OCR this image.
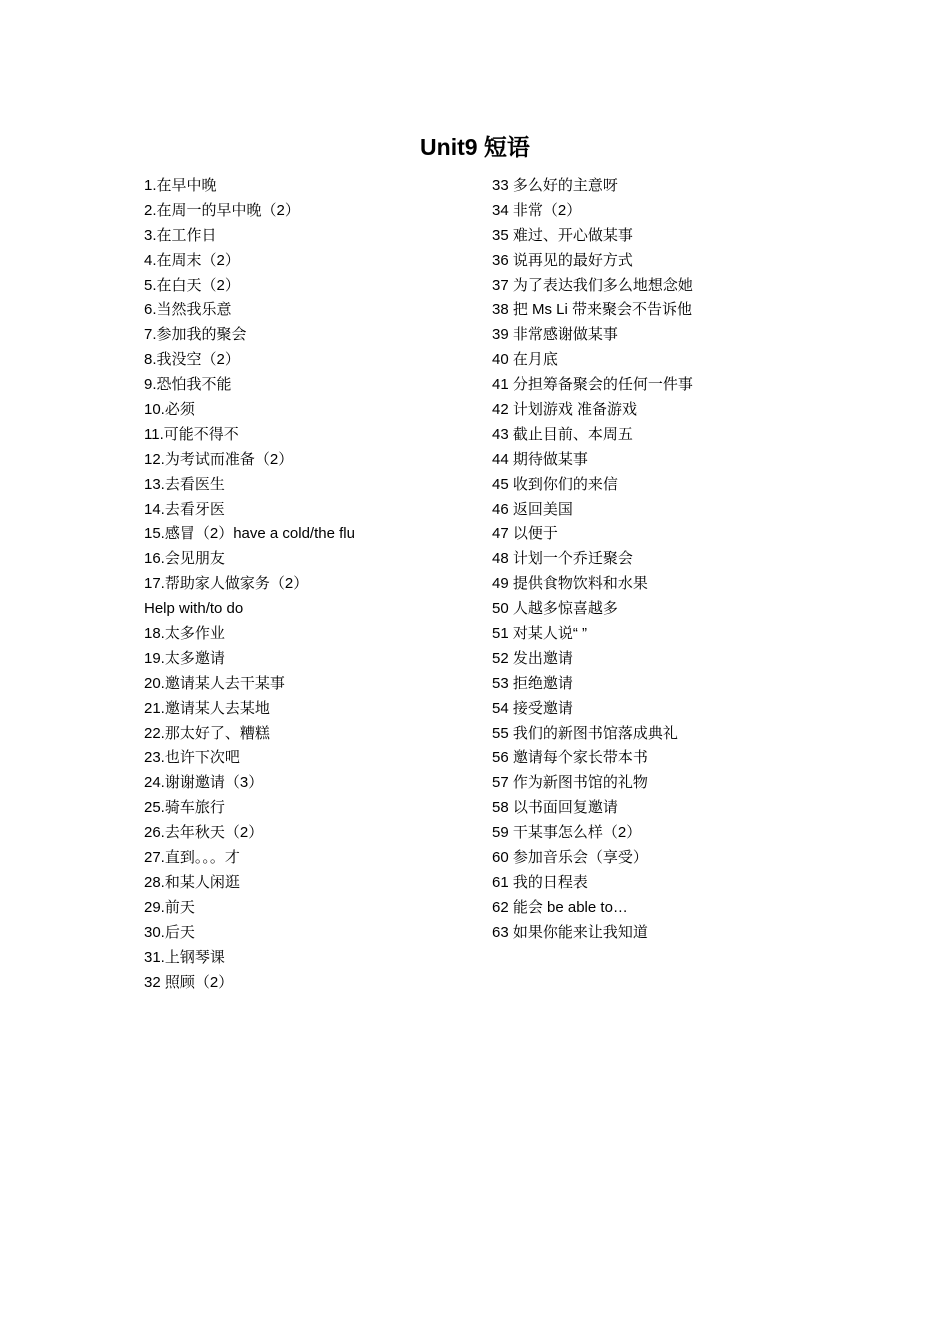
Unit9 短语
1.在早中晚
2.在周一的早中晚（2）
3.在工作日
4.在周末（2）
5.在白天（2）
6.当然我乐意
7.参加我的聚会
8.我没空（2）
9.恐怕我不能
10.必须
11.可能不得不
12.为考试而准备（2）
13.去看医生
14.去看牙医
15.感冒（2）have a cold/the flu
16.会见朋友
17.帮助家人做家务（2）
Help with/to do
18.太多作业
19.太多邀请
20.邀请某人去干某事
21.邀请某人去某地
22.那太好了、糟糕
23.也许下次吧
24.谢谢邀请（3）
25.骑车旅行
26.去年秋天（2）
27.直到。。。才
28.和某人闲逛
29.前天
30.后天
31.上钢琴课
32 照顾（2）
33 多么好的主意呀
34 非常（2）
35 难过、开心做某事
36 说再见的最好方式
37 为了表达我们多么地想念她
38 把 Ms Li 带来聚会不告诉他
39 非常感谢做某事
40 在月底
41 分担筹备聚会的任何一件事
42 计划游戏 准备游戏
43 截止目前、本周五
44 期待做某事
45 收到你们的来信
46 返回美国
47 以便于
48 计划一个乔迁聚会
49 提供食物饮料和水果
50 人越多惊喜越多
51 对某人说“ ”
52 发出邀请
53 拒绝邀请
54 接受邀请
55 我们的新图书馆落成典礼
56 邀请每个家长带本书
57 作为新图书馆的礼物
58 以书面回复邀请
59 干某事怎么样（2）
60 参加音乐会（享受）
61 我的日程表
62 能会 be able to…
63 如果你能来让我知道
